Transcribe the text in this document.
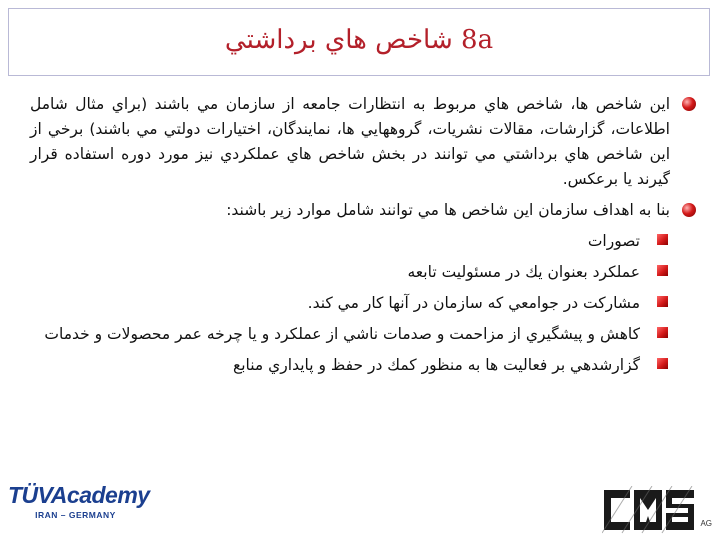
8a شاخص هاي برداشتي
اين شاخص ها، شاخص هاي مربوط به انتظارات جامعه از سازمان مي باشند (براي مثال شامل اطلاعات، گزارشات، مقالات نشريات، گروههايي ها، نمايندگان، اختيارات دولتي مي باشند) برخي از اين شاخص هاي برداشتي مي توانند در بخش شاخص هاي عملكردي نيز مورد دوره استفاده قرار گيرند يا برعكس.
بنا به اهداف سازمان اين شاخص ها مي توانند شامل موارد زير باشند:
تصورات
عملكرد بعنوان يك در مسئوليت تابعه
مشاركت در جوامعي كه سازمان در آنها كار مي كند.
كاهش و پيشگيري از مزاحمت و صدمات ناشي از عملكرد و يا چرخه عمر محصولات و خدمات
گزارشدهي بر فعاليت ها به منظور كمك در حفظ و پايداري منابع
TÜVAcademy
IRAN – GERMANY
AG
